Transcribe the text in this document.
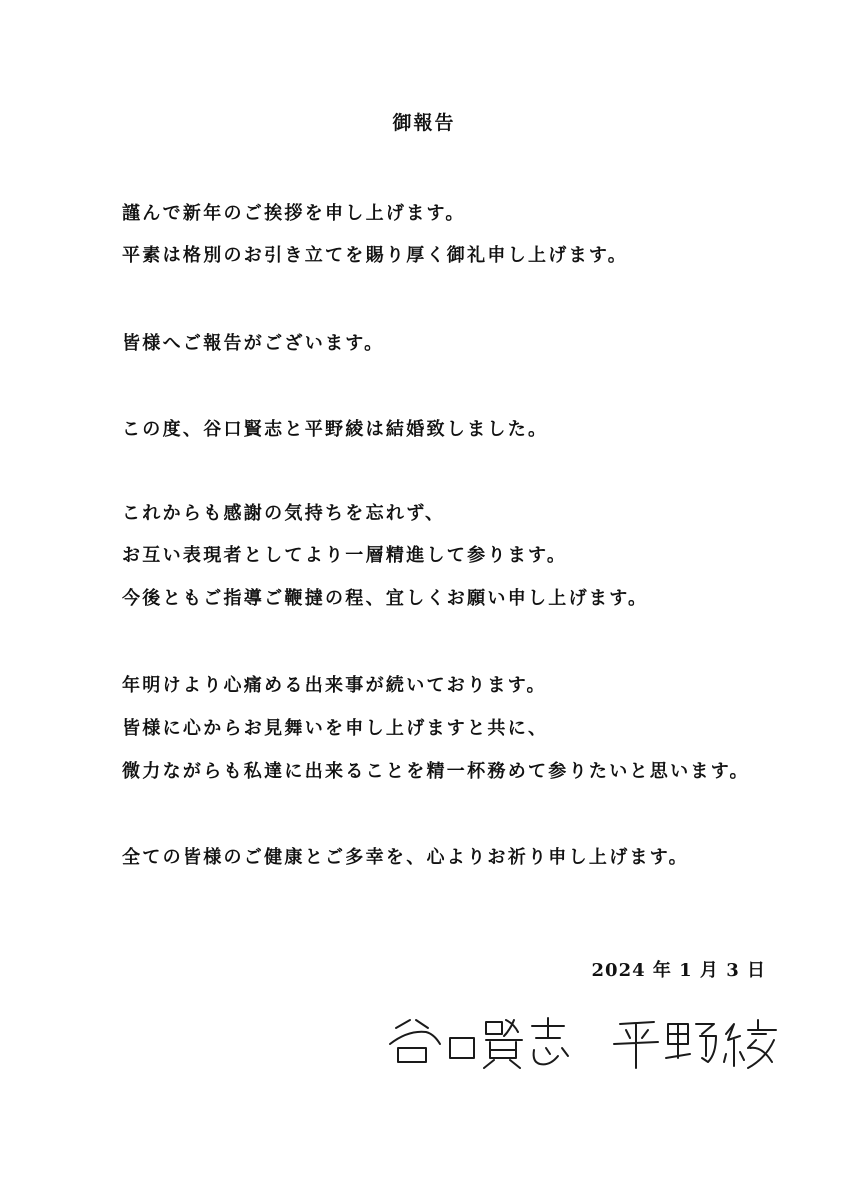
御報告
謹んで新年のご挨拶を申し上げます。
平素は格別のお引き立てを賜り厚く御礼申し上げます。
皆様へご報告がございます。
この度、谷口賢志と平野綾は結婚致しました。
これからも感謝の気持ちを忘れず、
お互い表現者としてより一層精進して参ります。
今後ともご指導ご鞭撻の程、宜しくお願い申し上げます。
年明けより心痛める出来事が続いております。
皆様に心からお見舞いを申し上げますと共に、
微力ながらも私達に出来ることを精一杯務めて参りたいと思います。
全ての皆様のご健康とご多幸を、心よりお祈り申し上げます。
2024 年 1 月 3 日
